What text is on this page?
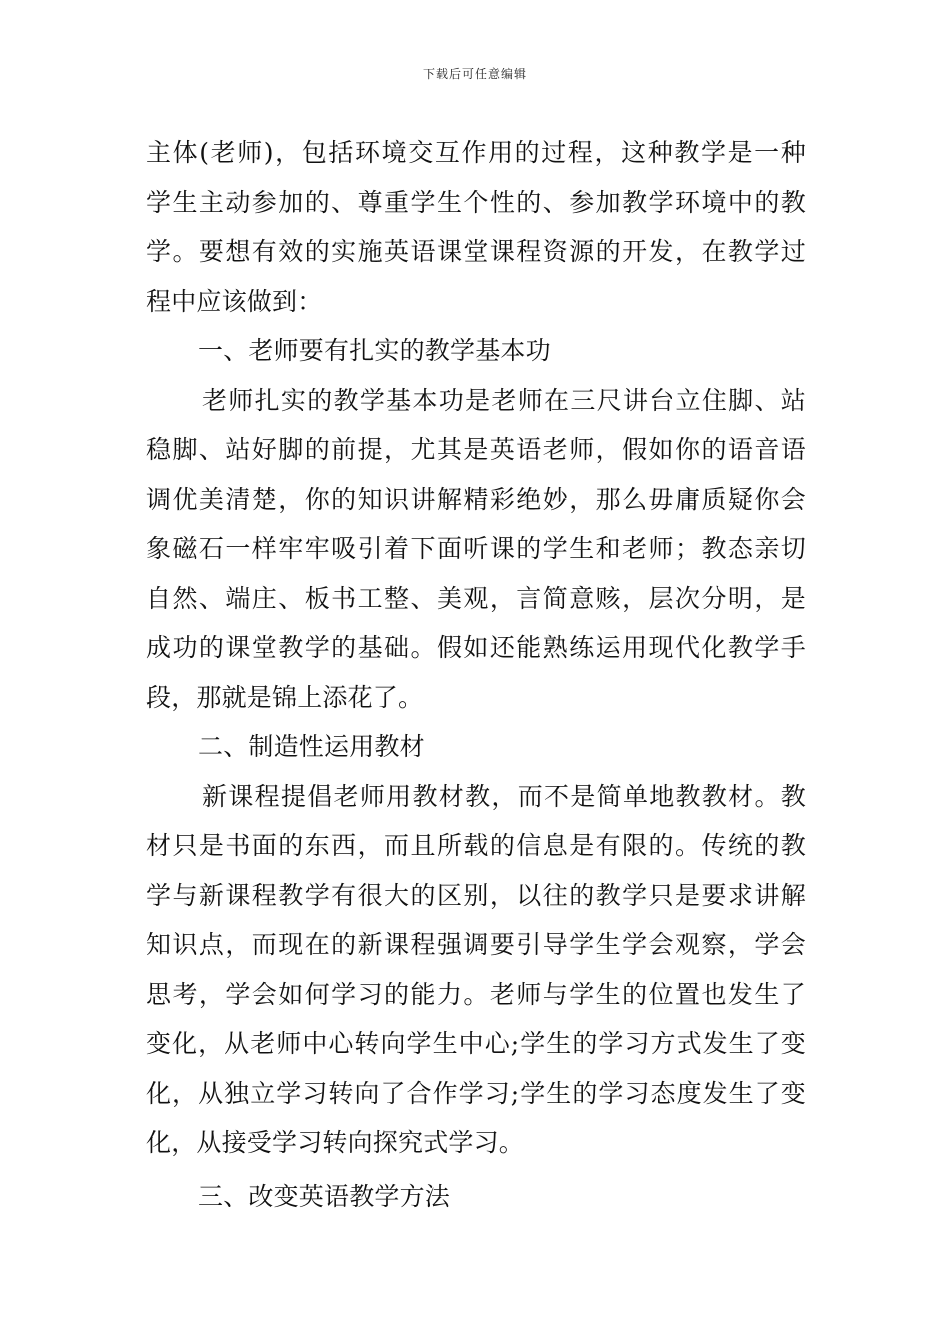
下载后可任意编辑
主体(老师)，包括环境交互作用的过程，这种教学是一种
学生主动参加的、尊重学生个性的、参加教学环境中的教
学。要想有效的实施英语课堂课程资源的开发，在教学过
程中应该做到：
一、老师要有扎实的教学基本功
老师扎实的教学基本功是老师在三尺讲台立住脚、站
稳脚、站好脚的前提，尤其是英语老师，假如你的语音语
调优美清楚，你的知识讲解精彩绝妙，那么毋庸质疑你会
象磁石一样牢牢吸引着下面听课的学生和老师；教态亲切
自然、端庄、板书工整、美观，言简意赅，层次分明，是
成功的课堂教学的基础。假如还能熟练运用现代化教学手
段，那就是锦上添花了。
二、制造性运用教材
新课程提倡老师用教材教，而不是简单地教教材。教
材只是书面的东西，而且所载的信息是有限的。传统的教
学与新课程教学有很大的区别，以往的教学只是要求讲解
知识点，而现在的新课程强调要引导学生学会观察，学会
思考，学会如何学习的能力。老师与学生的位置也发生了
变化，从老师中心转向学生中心;学生的学习方式发生了变
化，从独立学习转向了合作学习;学生的学习态度发生了变
化，从接受学习转向探究式学习。
三、改变英语教学方法
